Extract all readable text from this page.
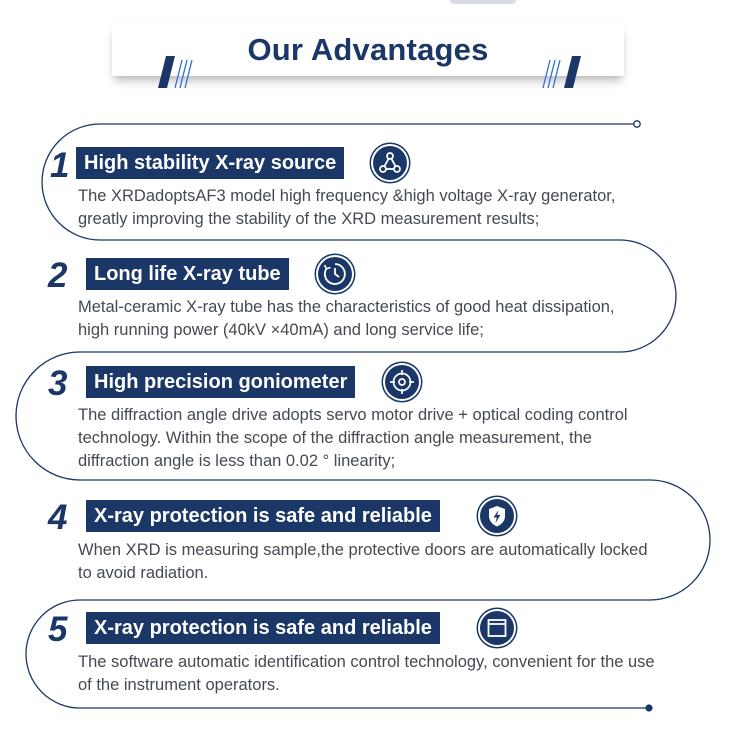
Our Advantages
1 High stability X-ray source
The XRDadoptsAF3 model high frequency &high voltage X-ray generator,
greatly improving the stability of the XRD measurement results;
2	Long life X-ray tube
Metal-ceramic X-ray tube has the characteristics of good heat dissipation,
high running power (40kV ×40mA) and long service life;
3	High precision goniometer
The diffraction angle drive adopts servo motor drive + optical coding control
technology. Within the scope of the diffraction angle measurement, the
diffraction angle is less than 0.02 ° linearity;
4	X-ray protection is safe and reliable
When XRD is measuring sample,the protective doors are automatically locked
to avoid radiation.
5	X-ray protection is safe and reliable
The software automatic identification control technology, convenient for the use
of the instrument operators.
